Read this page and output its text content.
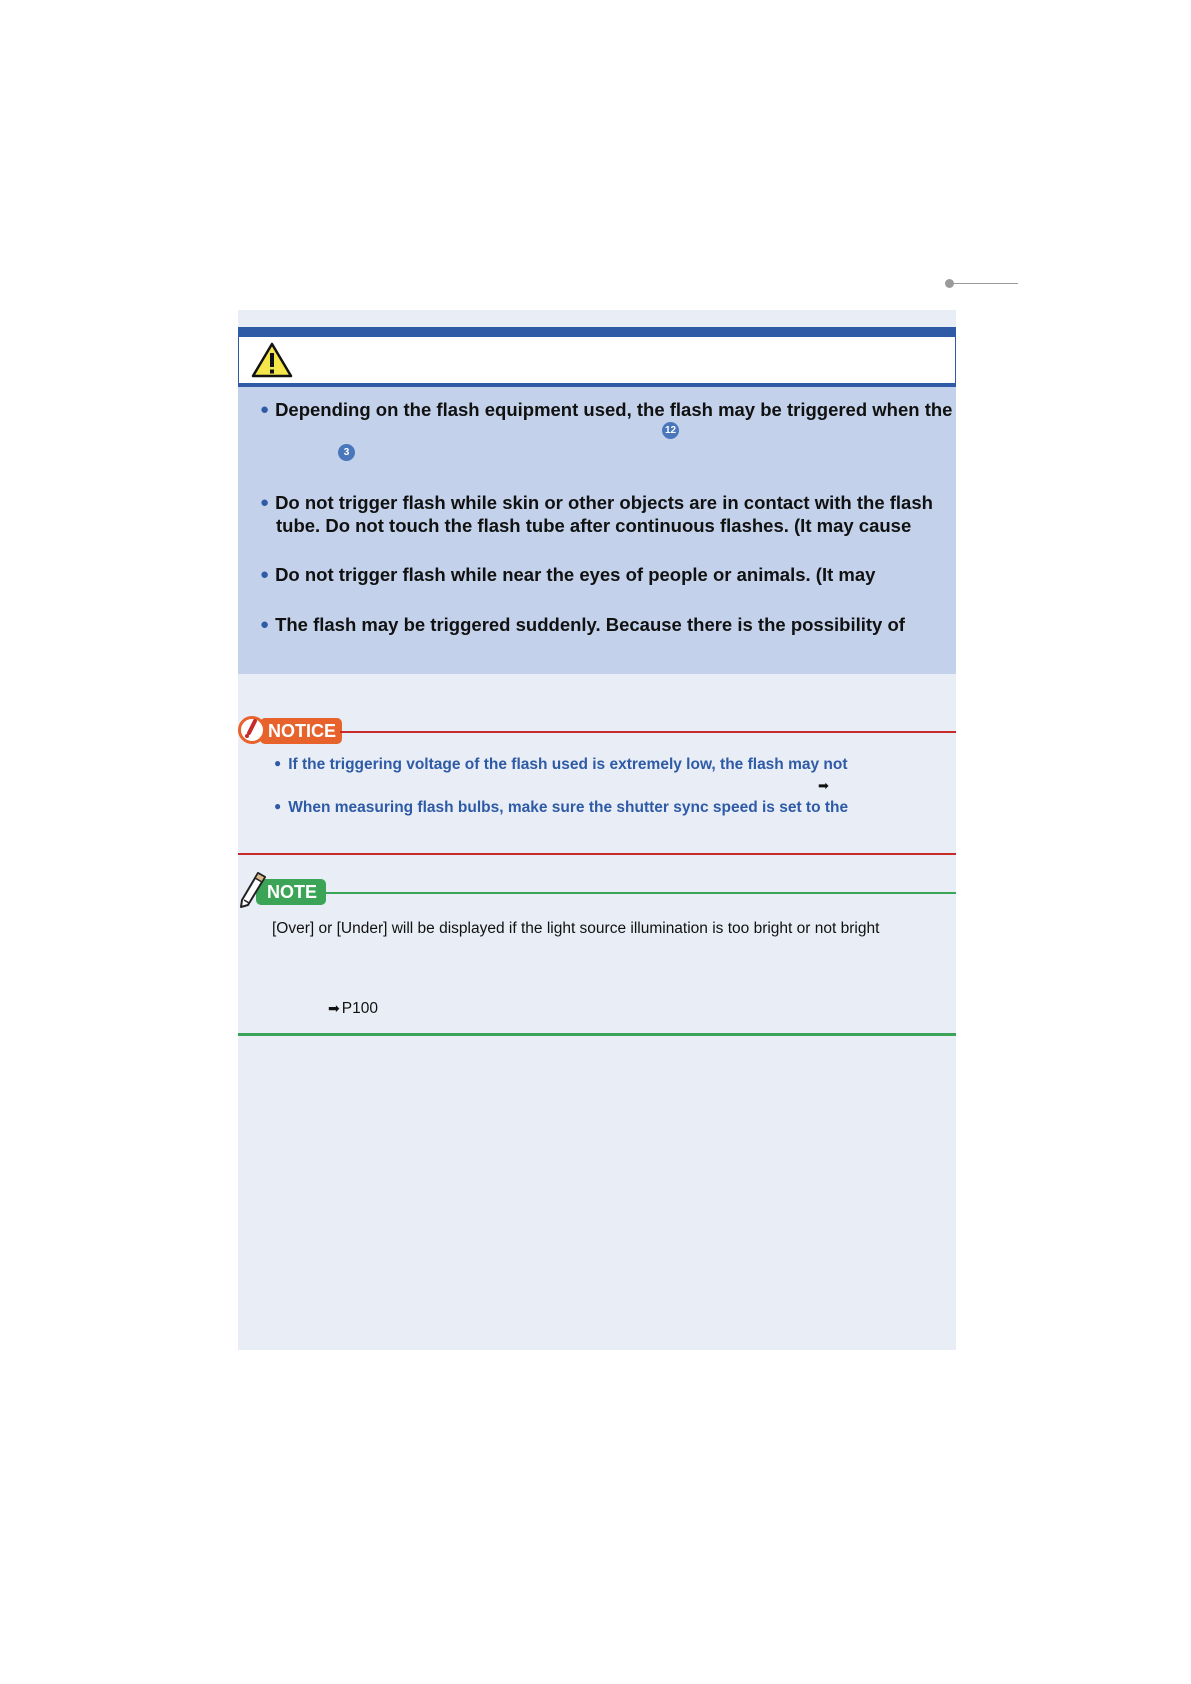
● Depending on the flash equipment used, the flash may be triggered when the
12
3
● Do not trigger flash while skin or other objects are in contact with the flash
tube. Do not touch the flash tube after continuous flashes. (It may cause
● Do not trigger flash while near the eyes of people or animals. (It may
● The flash may be triggered suddenly. Because there is the possibility of
NOTICE
● If the triggering voltage of the flash used is extremely low, the flash may not
➡
● When measuring flash bulbs, make sure the shutter sync speed is set to the
NOTE
[Over] or [Under] will be displayed if the light source illumination is too bright or not bright
➡ P100
